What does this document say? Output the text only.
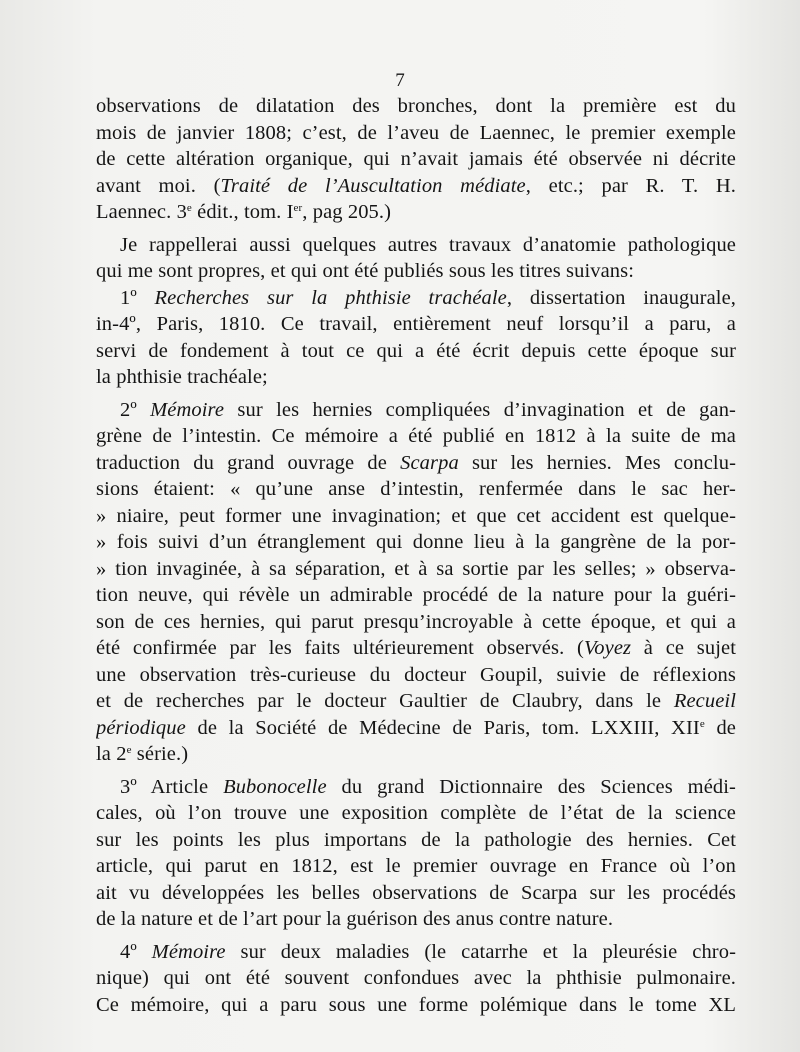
7
observations de dilatation des bronches, dont la première est du
mois de janvier 1808; c’est, de l’aveu de Laennec, le premier exemple
de cette altération organique, qui n’avait jamais été observée ni décrite
avant moi. (Traité de l’Auscultation médiate, etc.; par R. T. H.
Laennec. 3e édit., tom. Ier, pag 205.)
Je rappellerai aussi quelques autres travaux d’anatomie pathologique
qui me sont propres, et qui ont été publiés sous les titres suivans:
1º Recherches sur la phthisie trachéale, dissertation inaugurale,
in-4º, Paris, 1810. Ce travail, entièrement neuf lorsqu’il a paru, a
servi de fondement à tout ce qui a été écrit depuis cette époque sur
la phthisie trachéale;
2º Mémoire sur les hernies compliquées d’invagination et de gan-
grène de l’intestin. Ce mémoire a été publié en 1812 à la suite de ma
traduction du grand ouvrage de Scarpa sur les hernies. Mes conclu-
sions étaient: « qu’une anse d’intestin, renfermée dans le sac her-
» niaire, peut former une invagination; et que cet accident est quelque-
» fois suivi d’un étranglement qui donne lieu à la gangrène de la por-
» tion invaginée, à sa séparation, et à sa sortie par les selles; » observa-
tion neuve, qui révèle un admirable procédé de la nature pour la guéri-
son de ces hernies, qui parut presqu’incroyable à cette époque, et qui a
été confirmée par les faits ultérieurement observés. (Voyez à ce sujet
une observation très-curieuse du docteur Goupil, suivie de réflexions
et de recherches par le docteur Gaultier de Claubry, dans le Recueil
périodique de la Société de Médecine de Paris, tom. LXXIII, XIIe de
la 2e série.)
3º Article Bubonocelle du grand Dictionnaire des Sciences médi-
cales, où l’on trouve une exposition complète de l’état de la science
sur les points les plus importans de la pathologie des hernies. Cet
article, qui parut en 1812, est le premier ouvrage en France où l’on
ait vu développées les belles observations de Scarpa sur les procédés
de la nature et de l’art pour la guérison des anus contre nature.
4º Mémoire sur deux maladies (le catarrhe et la pleurésie chro-
nique) qui ont été souvent confondues avec la phthisie pulmonaire.
Ce mémoire, qui a paru sous une forme polémique dans le tome XL
